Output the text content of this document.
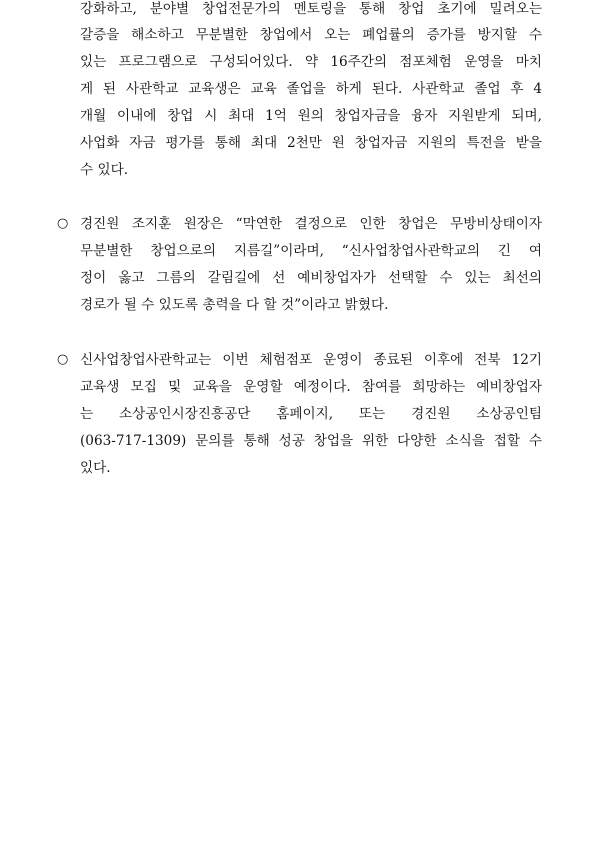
강화하고, 분야별 창업전문가의 멘토링을 통해 창업 초기에 밀려오는
갈증을 해소하고 무분별한 창업에서 오는 폐업률의 증가를 방지할 수
있는 프로그램으로 구성되어있다. 약 16주간의 점포체험 운영을 마치
게 된 사관학교 교육생은 교육 졸업을 하게 된다. 사관학교 졸업 후 4
개월 이내에 창업 시 최대 1억 원의 창업자금을 융자 지원받게 되며,
사업화 자금 평가를 통해 최대 2천만 원 창업자금 지원의 특전을 받을
수 있다.
○ 경진원 조지훈 원장은 “막연한 결정으로 인한 창업은 무방비상태이자
무분별한 창업으로의 지름길”이라며, “신사업창업사관학교의 긴 여
정이 옳고 그름의 갈림길에 선 예비창업자가 선택할 수 있는 최선의
경로가 될 수 있도록 총력을 다 할 것”이라고 밝혔다.
○ 신사업창업사관학교는 이번 체험점포 운영이 종료된 이후에 전북 12기
교육생 모집 및 교육을 운영할 예정이다. 참여를 희망하는 예비창업자
는 소상공인시장진흥공단 홈페이지, 또는 경진원 소상공인팀
(063-717-1309) 문의를 통해 성공 창업을 위한 다양한 소식을 접할 수
있다.
